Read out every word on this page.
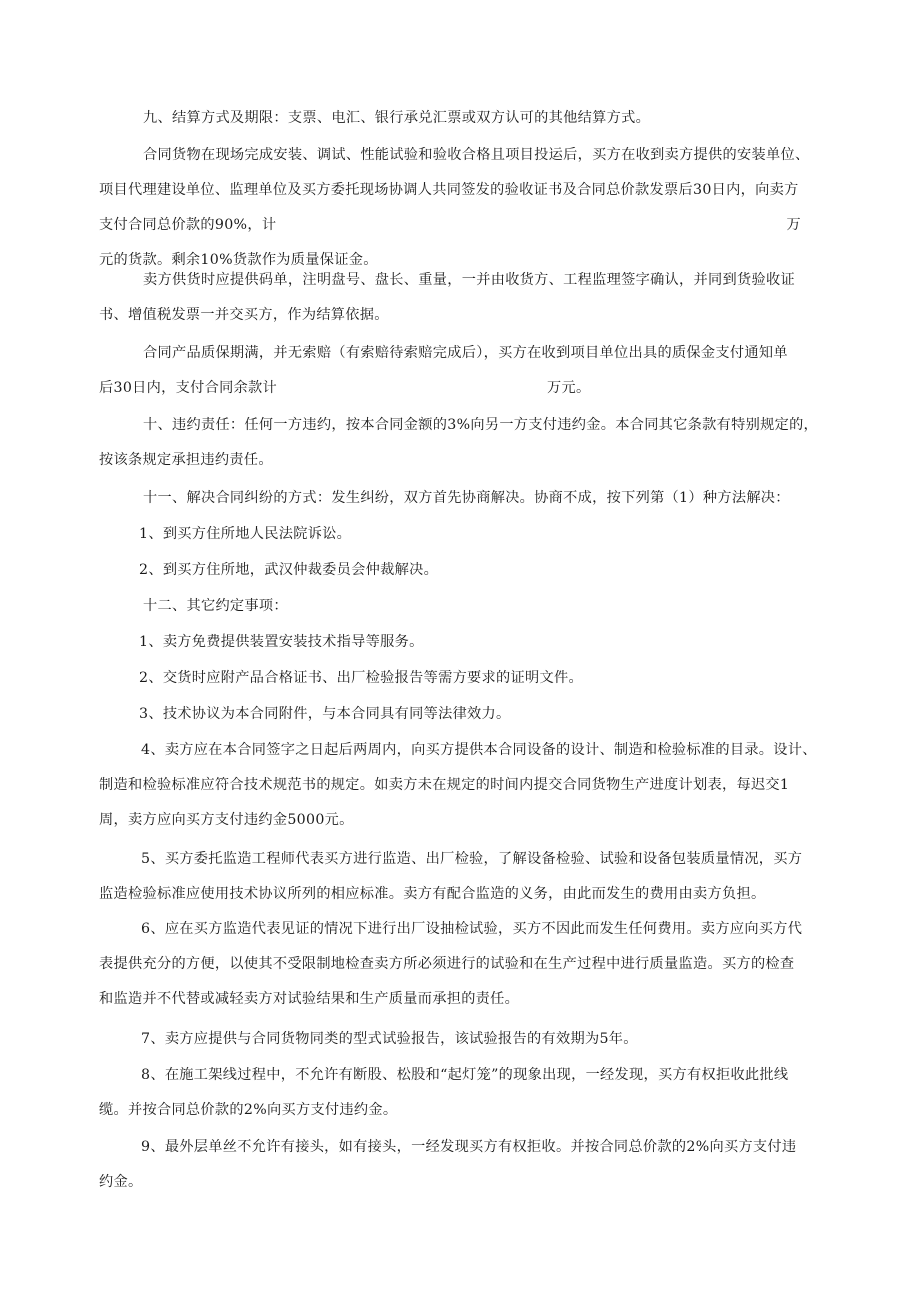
九、结算方式及期限：支票、电汇、银行承兑汇票或双方认可的其他结算方式。

合同货物在现场完成安装、调试、性能试验和验收合格且项目投运后，买方在收到卖方提供的安装单位、
项目代理建设单位、监理单位及买方委托现场协调人共同签发的验收证书及合同总价款发票后30日内，向卖方
支付合同总价款的90%，计	万
元的货款。剩余10%货款作为质量保证金。

卖方供货时应提供码单，注明盘号、盘长、重量，一并由收货方、工程监理签字确认，并同到货验收证
书、增值税发票一并交买方，作为结算依据。

合同产品质保期满，并无索赔（有索赔待索赔完成后），买方在收到项目单位出具的质保金支付通知单
后30日内，支付合同余款计	万元。

十、违约责任：任何一方违约，按本合同金额的3%向另一方支付违约金。本合同其它条款有特别规定的，
按该条规定承担违约责任。

十一、解决合同纠纷的方式：发生纠纷，双方首先协商解决。协商不成，按下列第（1）种方法解决：

1、到买方住所地人民法院诉讼。

2、到买方住所地，武汉仲裁委员会仲裁解决。

十二、其它约定事项：

1、卖方免费提供装置安装技术指导等服务。

2、交货时应附产品合格证书、出厂检验报告等需方要求的证明文件。

3、技术协议为本合同附件，与本合同具有同等法律效力。

4、卖方应在本合同签字之日起后两周内，向买方提供本合同设备的设计、制造和检验标准的目录。设计、
制造和检验标准应符合技术规范书的规定。如卖方未在规定的时间内提交合同货物生产进度计划表，每迟交1
周，卖方应向买方支付违约金5000元。

5、买方委托监造工程师代表买方进行监造、出厂检验，了解设备检验、试验和设备包装质量情况，买方
监造检验标准应使用技术协议所列的相应标准。卖方有配合监造的义务，由此而发生的费用由卖方负担。

6、应在买方监造代表见证的情况下进行出厂设抽检试验，买方不因此而发生任何费用。卖方应向买方代
表提供充分的方便，以使其不受限制地检查卖方所必须进行的试验和在生产过程中进行质量监造。买方的检查
和监造并不代替或减轻卖方对试验结果和生产质量而承担的责任。

7、卖方应提供与合同货物同类的型式试验报告，该试验报告的有效期为5年。

8、在施工架线过程中，不允许有断股、松股和“起灯笼”的现象出现，一经发现，买方有权拒收此批线
缆。并按合同总价款的2%向买方支付违约金。

9、最外层单丝不允许有接头，如有接头，一经发现买方有权拒收。并按合同总价款的2%向买方支付违
约金。
